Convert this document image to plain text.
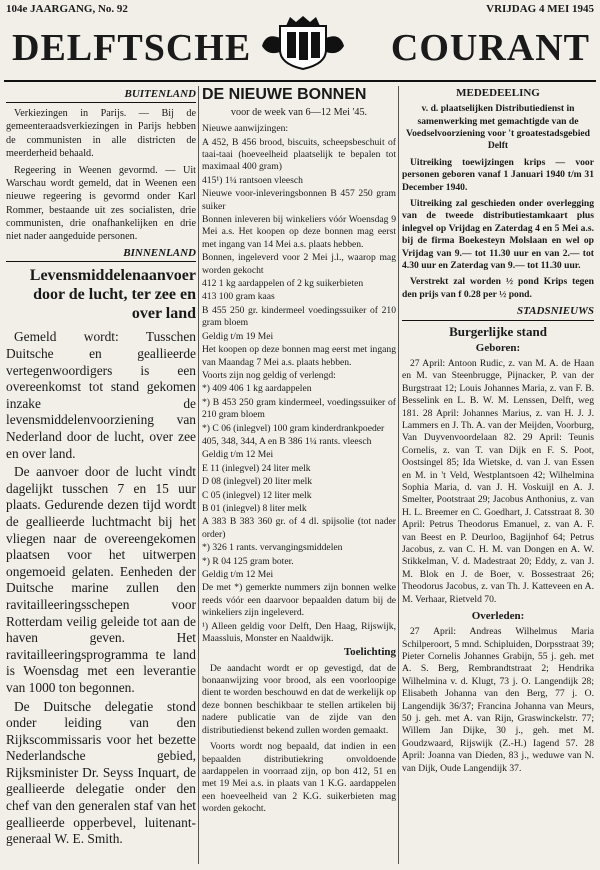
104e JAARGANG, No. 92	VRIJDAG 4 MEI 1945
DELFTSCHE	COURANT
BUITENLAND

Verkiezingen in Parijs. — Bij de gemeenteraadsverkiezingen in Parijs hebben de communisten in alle districten de meerderheid behaald.

Regeering in Weenen gevormd. — Uit Warschau wordt gemeld, dat in Weenen een nieuwe regeering is gevormd onder Karl Rommer, bestaande uit zes socialisten, drie communisten, drie onafhankelijken en drie niet nader aangeduide personen.

BINNENLAND
Levensmiddelenaanvoer door de lucht, ter zee en over land

Gemeld wordt: Tusschen Duitsche en geallieerde vertegenwoordigers is een overeenkomst tot stand gekomen inzake de levensmiddelenvoorziening van Nederland door de lucht, over zee en over land.

De aanvoer door de lucht vindt dagelijkt tusschen 7 en 15 uur plaats. Gedurende dezen tijd wordt de geallieerde luchtmacht bij het vliegen naar de overeengekomen plaatsen voor het uitwerpen ongemoeid gelaten. Eenheden der Duitsche marine zullen den ravitailleeringsschepen voor Rotterdam veilig geleide tot aan de haven geven. Het ravitailleeringsprogramma te land is Woensdag met een leverantie van 1000 ton begonnen.

De Duitsche delegatie stond onder leiding van den Rijkscommissaris voor het bezette Nederlandsche gebied, Rijksminister Dr. Seyss Inquart, de geallieerde delegatie onder den chef van den generalen staf van het geallieerde opperbevel, luitenant-generaal W. E. Smith.

DE NIEUWE BONNEN

voor de week van 6—12 Mei '45.

Nieuwe aanwijzingen:
A 452, B 456 brood, biscuits, scheepsbeschuit of taai-taai (hoeveelheid plaatselijk te bepalen tot maximaal 400 gram)
415¹) 1¼ rantsoen vleesch
Nieuwe voor-inleveringsbonnen B 457 250 gram suiker
Bonnen inleveren bij winkeliers vóór Woensdag 9 Mei a.s. Het koopen op deze bonnen mag eerst met ingang van 14 Mei a.s. plaats hebben.
Bonnen, ingeleverd voor 2 Mei j.l., waarop mag worden gekocht
412 1 kg aardappelen of 2 kg suikerbieten
413 100 gram kaas
B 455 250 gr. kindermeel voedingssuiker of 210 gram bloem
Geldig t/m 19 Mei
Het koopen op deze bonnen mag eerst met ingang van Maandag 7 Mei a.s. plaats hebben.
Voorts zijn nog geldig of verlengd:
*) 409 406 1 kg aardappelen
*) B 453 250 gram kindermeel, voedingssuiker of 210 gram bloem
*) C 06 (inlegvel) 100 gram kinderdrankpoeder
405, 348, 344, A en B 386 1¼ rants. vleesch
Geldig t/m 12 Mei
E 11 (inlegvel) 24 liter melk
D 08 (inlegvel) 20 liter melk
C 05 (inlegvel) 12 liter melk
B 01 (inlegvel) 8 liter melk
A 383 B 383 360 gr. of 4 dl. spijsolie (tot nader order)
*) 326 1 rants. vervangingsmiddelen
*) R 04 125 gram boter.
Geldig t/m 12 Mei
De met *) gemerkte nummers zijn bonnen welke reeds vóór een daarvoor bepaalden datum bij de winkeliers zijn ingeleverd.
¹) Alleen geldig voor Delft, Den Haag, Rijswijk, Maassluis, Monster en Naaldwijk.
Toelichting

De aandacht wordt er op gevestigd, dat de bonaanwijzing voor brood, als een voorloopige dient te worden beschouwd en dat de werkelijk op deze bonnen beschikbaar te stellen artikelen bij nadere publicatie van de zijde van den distributiedienst bekend zullen worden gemaakt.

Voorts wordt nog bepaald, dat indien in een bepaalden distributiekring onvoldoende aardappelen in voorraad zijn, op bon 412, 51 en met 19 Mei a.s. in plaats van 1 K.G. aardappelen een hoeveelheid van 2 K.G. suikerbieten mag worden gekocht.

MEDEDEELING

v. d. plaatselijken Distributiedienst in samenwerking met gemachtigde van de Voedselvoorziening voor 't groatestadsgebied Delft

Uitreiking toewijzingen krips — voor personen geboren vanaf 1 Januari 1940 t/m 31 December 1940.

Uitreiking zal geschieden onder overlegging van de tweede distributiestamkaart plus inlegvel op Vrijdag en Zaterdag 4 en 5 Mei a.s. bij de firma Boekesteyn Molslaan en wel op Vrijdag van 9.— tot 11.30 uur en van 2.— tot 4.30 uur en Zaterdag van 9.— tot 11.30 uur.

Verstrekt zal worden ½ pond Krips tegen den prijs van f 0.28 per ½ pond.

STADSNIEUWS
Burgerlijke stand
Geboren:

27 April: Antoon Rudic, z. van M. A. de Haan en M. van Steenbrugge, Pijnacker, P. van der Burgstraat 12; Louis Johannes Maria, z. van F. B. Besselink en L. B. W. M. Lenssen, Delft, weg 181. 28 April: Johannes Marius, z. van H. J. J. Lammers en J. Th. A. van der Meijden, Voorburg, Van Duyvenvoordelaan 82. 29 April: Teunis Cornelis, z. van T. van Dijk en F. S. Poot, Oostsingel 85; Ida Wietske, d. van J. van Essen en M. in 't Veld, Westplantsoen 42; Wilhelmina Sophia Maria, d. van J. H. Voskuijl en A. J. Smelter, Pootstraat 29; Jacobus Anthonius, z. van H. L. Breemer en C. Goedhart, J. Catsstraat 8. 30 April: Petrus Theodorus Emanuel, z. van A. F. van Beest en P. Deurloo, Bagijnhof 64; Petrus Jacobus, z. van C. H. M. van Dongen en A. W. Stikkelman, V. d. Madestraat 20; Eddy, z. van J. M. Blok en J. de Boer, v. Bossestraat 26; Theodorus Jacobus, z. van Th. J. Katteveen en A. M. Verhaar, Rietveld 70.

Overleden:

27 April: Andreas Wilhelmus Maria Schilperoort, 5 mnd. Schipluiden, Dorpsstraat 39; Pieter Cornelis Johannes Grabijn, 55 j. geh. met A. S. Berg, Rembrandtstraat 2; Hendrika Wilhelmina v. d. Klugt, 73 j. O. Langendijk 28; Elisabeth Johanna van den Berg, 77 j. O. Langendijk 36/37; Francina Johanna van Meurs, 50 j. geh. met A. van Rijn, Graswinckelstr. 77; Willem Jan Dijke, 30 j., geh. met M. Goudzwaard, Rijswijk (Z.-H.) Iagend 57. 28 April: Joanna van Dieden, 83 j., weduwe van N. van Dijk, Oude Langendijk 37.
